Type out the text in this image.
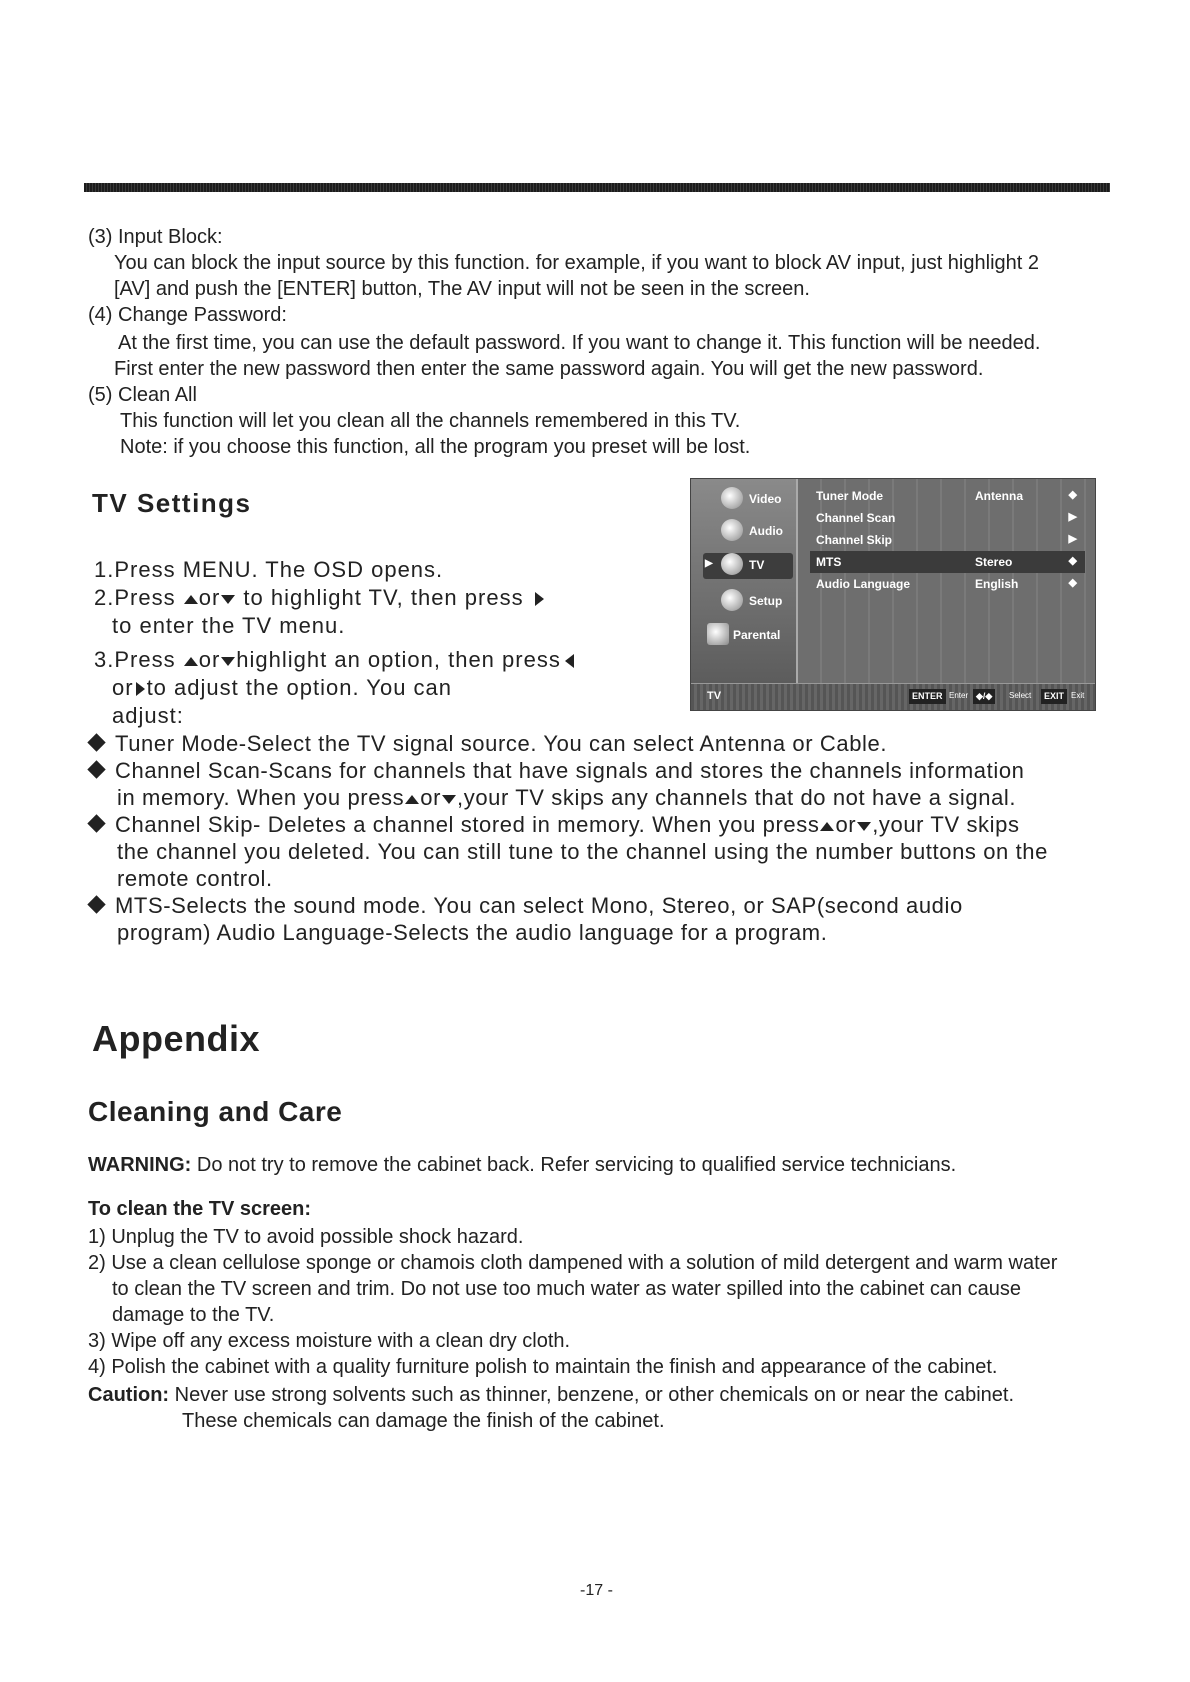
(3) Input Block:
You can block the input source by this function. for example, if you want to block AV input, just highlight 2
[AV] and push the [ENTER] button, The AV input will not be seen in the screen.
(4) Change Password:
At the first time, you can use the default password. If you want to change it. This function will be needed.
First enter the new password then enter the same password again. You will get the new password.
(5) Clean All
This function will let you clean all the channels remembered in this TV.
Note: if you choose this function, all the program you preset will be lost.
TV Settings
1.Press MENU. The OSD opens.
2.Press or to highlight TV, then press
to enter the TV menu.
3.Press or highlight an option, then press
or to adjust the option. You can
adjust:
Video
Audio
▶	TV
Setup
Parental
Tuner Mode	Antenna	◆
Channel Scan	▶
Channel Skip	▶
MTS	Stereo	◆
Audio Language	English	◆
TV	ENTER Enter ◆/◆	Select	EXIT Exit
Tuner Mode-Select the TV signal source. You can select Antenna or Cable.
Channel Scan-Scans for channels that have signals and stores the channels information
in memory. When you press or ,your TV skips any channels that do not have a signal.
Channel Skip- Deletes a channel stored in memory. When you press or ,your TV skips
the channel you deleted. You can still tune to the channel using the number buttons on the
remote control.
MTS-Selects the sound mode. You can select Mono, Stereo, or SAP(second audio
program) Audio Language-Selects the audio language for a program.
Appendix
Cleaning and Care
WARNING: Do not try to remove the cabinet back. Refer servicing to qualified service technicians.
To clean the TV screen:
1) Unplug the TV to avoid possible shock hazard.
2) Use a clean cellulose sponge or chamois cloth dampened with a solution of mild detergent and warm water
to clean the TV screen and trim. Do not use too much water as water spilled into the cabinet can cause
damage to the TV.
3) Wipe off any excess moisture with a clean dry cloth.
4) Polish the cabinet with a quality furniture polish to maintain the finish and appearance of the cabinet.
Caution: Never use strong solvents such as thinner, benzene, or other chemicals on or near the cabinet.
These chemicals can damage the finish of the cabinet.
-17 -
